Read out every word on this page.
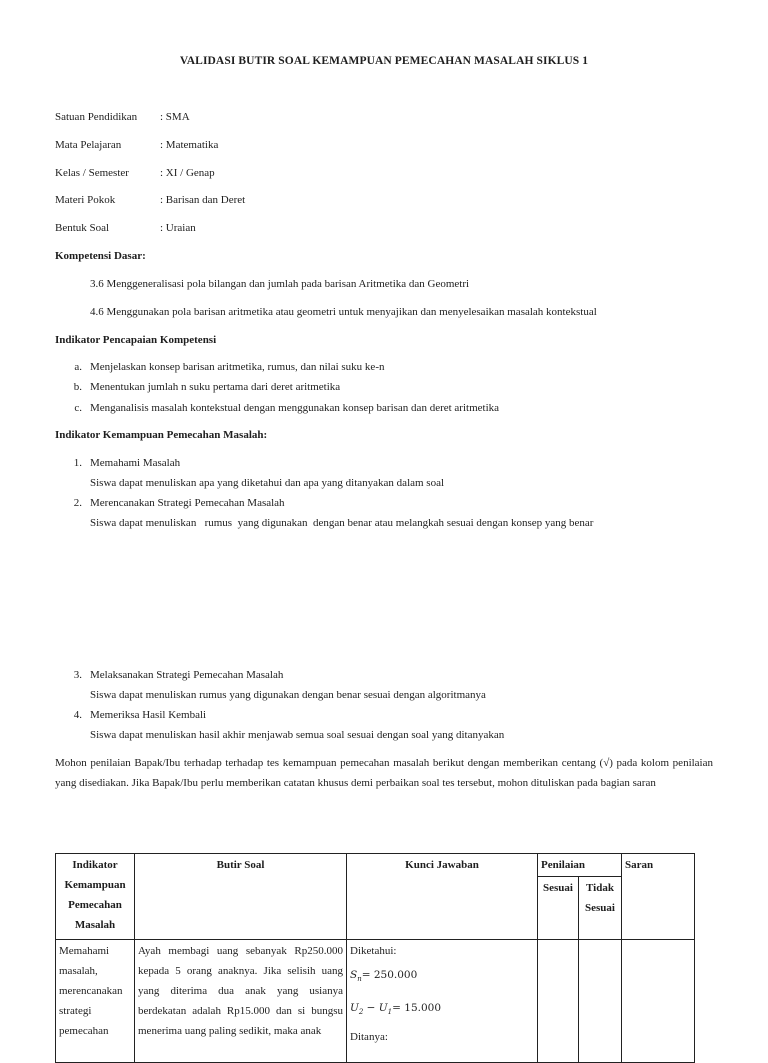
VALIDASI BUTIR SOAL KEMAMPUAN PEMECAHAN MASALAH SIKLUS 1
Satuan Pendidikan : SMA
Mata Pelajaran	: Matematika
Kelas / Semester	: XI / Genap
Materi Pokok	: Barisan dan Deret
Bentuk Soal	: Uraian
Kompetensi Dasar:
3.6 Menggeneralisasi pola bilangan dan jumlah pada barisan Aritmetika dan Geometri
4.6 Menggunakan pola barisan aritmetika atau geometri untuk menyajikan dan menyelesaikan masalah kontekstual
Indikator Pencapaian Kompetensi
a. Menjelaskan konsep barisan aritmetika, rumus, dan nilai suku ke-n
b. Menentukan jumlah n suku pertama dari deret aritmetika
c. Menganalisis masalah kontekstual dengan menggunakan konsep barisan dan deret aritmetika
Indikator Kemampuan Pemecahan Masalah:
1. Memahami Masalah
Siswa dapat menuliskan apa yang diketahui dan apa yang ditanyakan dalam soal
2. Merencanakan Strategi Pemecahan Masalah
Siswa dapat menuliskan   rumus  yang digunakan  dengan benar atau melangkah sesuai dengan konsep yang benar
3. Melaksanakan Strategi Pemecahan Masalah
Siswa dapat menuliskan rumus yang digunakan dengan benar sesuai dengan algoritmanya
4. Memeriksa Hasil Kembali
Siswa dapat menuliskan hasil akhir menjawab semua soal sesuai dengan soal yang ditanyakan
Mohon penilaian Bapak/Ibu terhadap terhadap tes kemampuan pemecahan masalah berikut dengan memberikan centang (√) pada kolom penilaian yang disediakan. Jika Bapak/Ibu perlu memberikan catatan khusus demi perbaikan soal tes tersebut, mohon dituliskan pada bagian saran
Indikator Kemampuan Pemecahan Masalah	Butir Soal	Kunci Jawaban	Penilaian		Saran
			Sesuai	Tidak Sesuai	

Memahami masalah, merencanakan strategi pemecahan	Ayah membagi uang sebanyak Rp250.000 kepada 5 orang anaknya. Jika selisih uang yang diterima dua anak yang usianya berdekatan adalah Rp15.000 dan si bungsu menerima uang paling sedikit, maka anak	Diketahui:
$S_n= 250.000$
$U_2 - U_1= 15.000$
Ditanya:			
